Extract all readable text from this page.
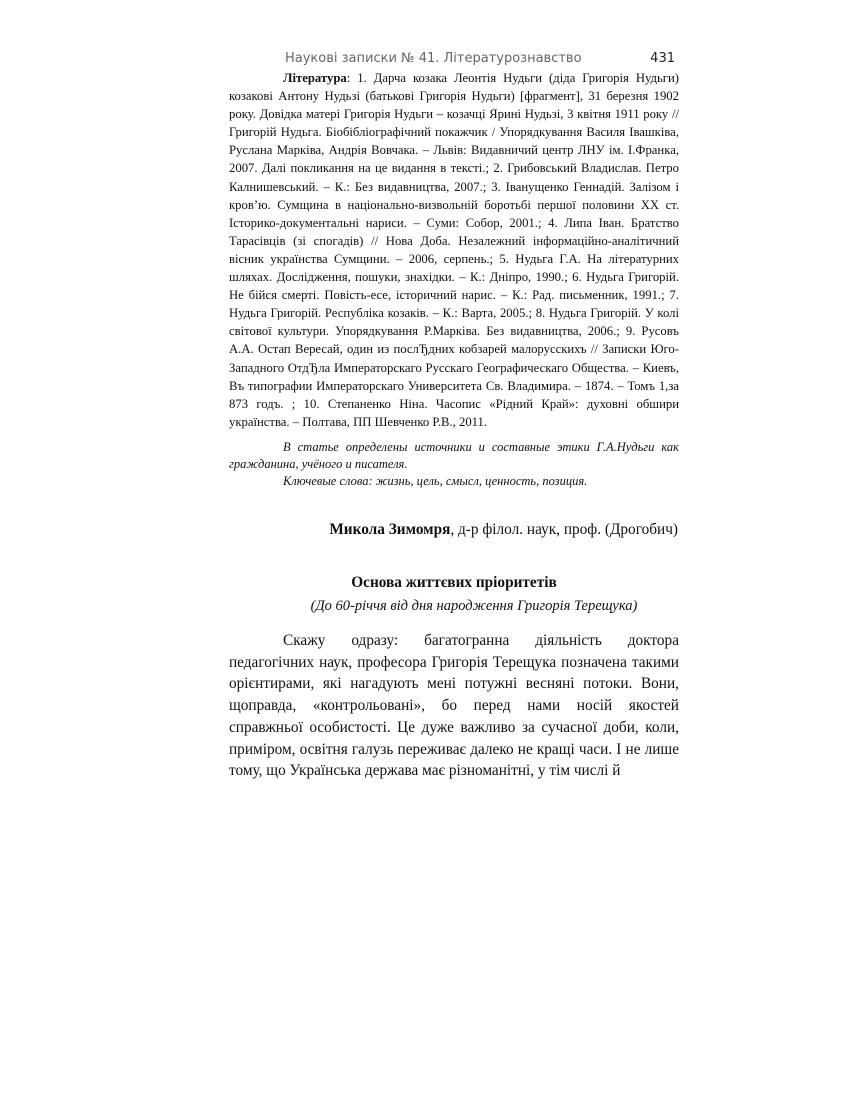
Наукові записки № 41. Літературознавство	431

Література: 1. Дарча козака Леонтія Нудьги (діда Григорія Нудьги) козакові Антону Нудьзі (батькові Григорія Нудьги) [фрагмент], 31 березня 1902 року. Довідка матері Григорія Нудьги – козачці Ярині Нудьзі, 3 квітня 1911 року // Григорій Нудьга. Біобібліографічний покажчик / Упорядкування Василя Івашківа, Руслана Марківа, Андрія Вовчака. – Львів: Видавничий центр ЛНУ ім. І.Франка, 2007. Далі покликання на це видання в тексті.; 2. Грибовський Владислав. Петро Калнишевський. – К.: Без видавництва, 2007.; 3. Іванущенко Геннадій. Залізом і кров’ю. Сумщина в національно-визвольній боротьбі першої половини ХХ ст. Історико-документальні нариси. – Суми: Собор, 2001.; 4. Липа Іван. Братство Тарасівців (зі спогадів) // Нова Доба. Незалежний інформаційно-аналітичний вісник українства Сумщини. – 2006, серпень.; 5. Нудьга Г.А. На літературних шляхах. Дослідження, пошуки, знахідки. – К.: Дніпро, 1990.; 6. Нудьга Григорій. Не бійся смерті. Повість-есе, історичний нарис. – К.: Рад. письменник, 1991.; 7. Нудьга Григорій. Республіка козаків. – К.: Варта, 2005.; 8. Нудьга Григорій. У колі світової культури. Упорядкування Р.Марківа. Без видавництва, 2006.; 9. Русовъ А.А. Остап Вересай, один из послЂдних кобзарей малорусскихъ // Записки Юго-Западного ОтдЂла Императорскаго Русскаго Географическаго Общества. – Киевъ, Въ типографии Императорскаго Университета Св. Владимира. – 1874. – Томъ 1,за 873 годъ. ; 10. Степаненко Ніна. Часопис «Рідний Край»: духовні обшири українства. – Полтава, ПП Шевченко Р.В., 2011.

В статье определены источники и составные этики Г.А.Нудьги как гражданина, учёного и писателя.

Ключевые слова: жизнь, цель, смысл, ценность, позиция.

Микола Зимомря, д-р філол. наук, проф. (Дрогобич)
Основа життєвих пріоритетів
(До 60-річчя від дня народження Григорія Терещука)

Скажу одразу: багатогранна діяльність доктора педагогічних наук, професора Григорія Терещука позначена такими орієнтирами, які нагадують мені потужні весняні потоки. Вони, щоправда, «контрольовані», бо перед нами носій якостей справжньої особистості. Це дуже важливо за сучасної доби, коли, приміром, освітня галузь переживає далеко не кращі часи. І не лише тому, що Українська держава має різноманітні, у тім числі й
